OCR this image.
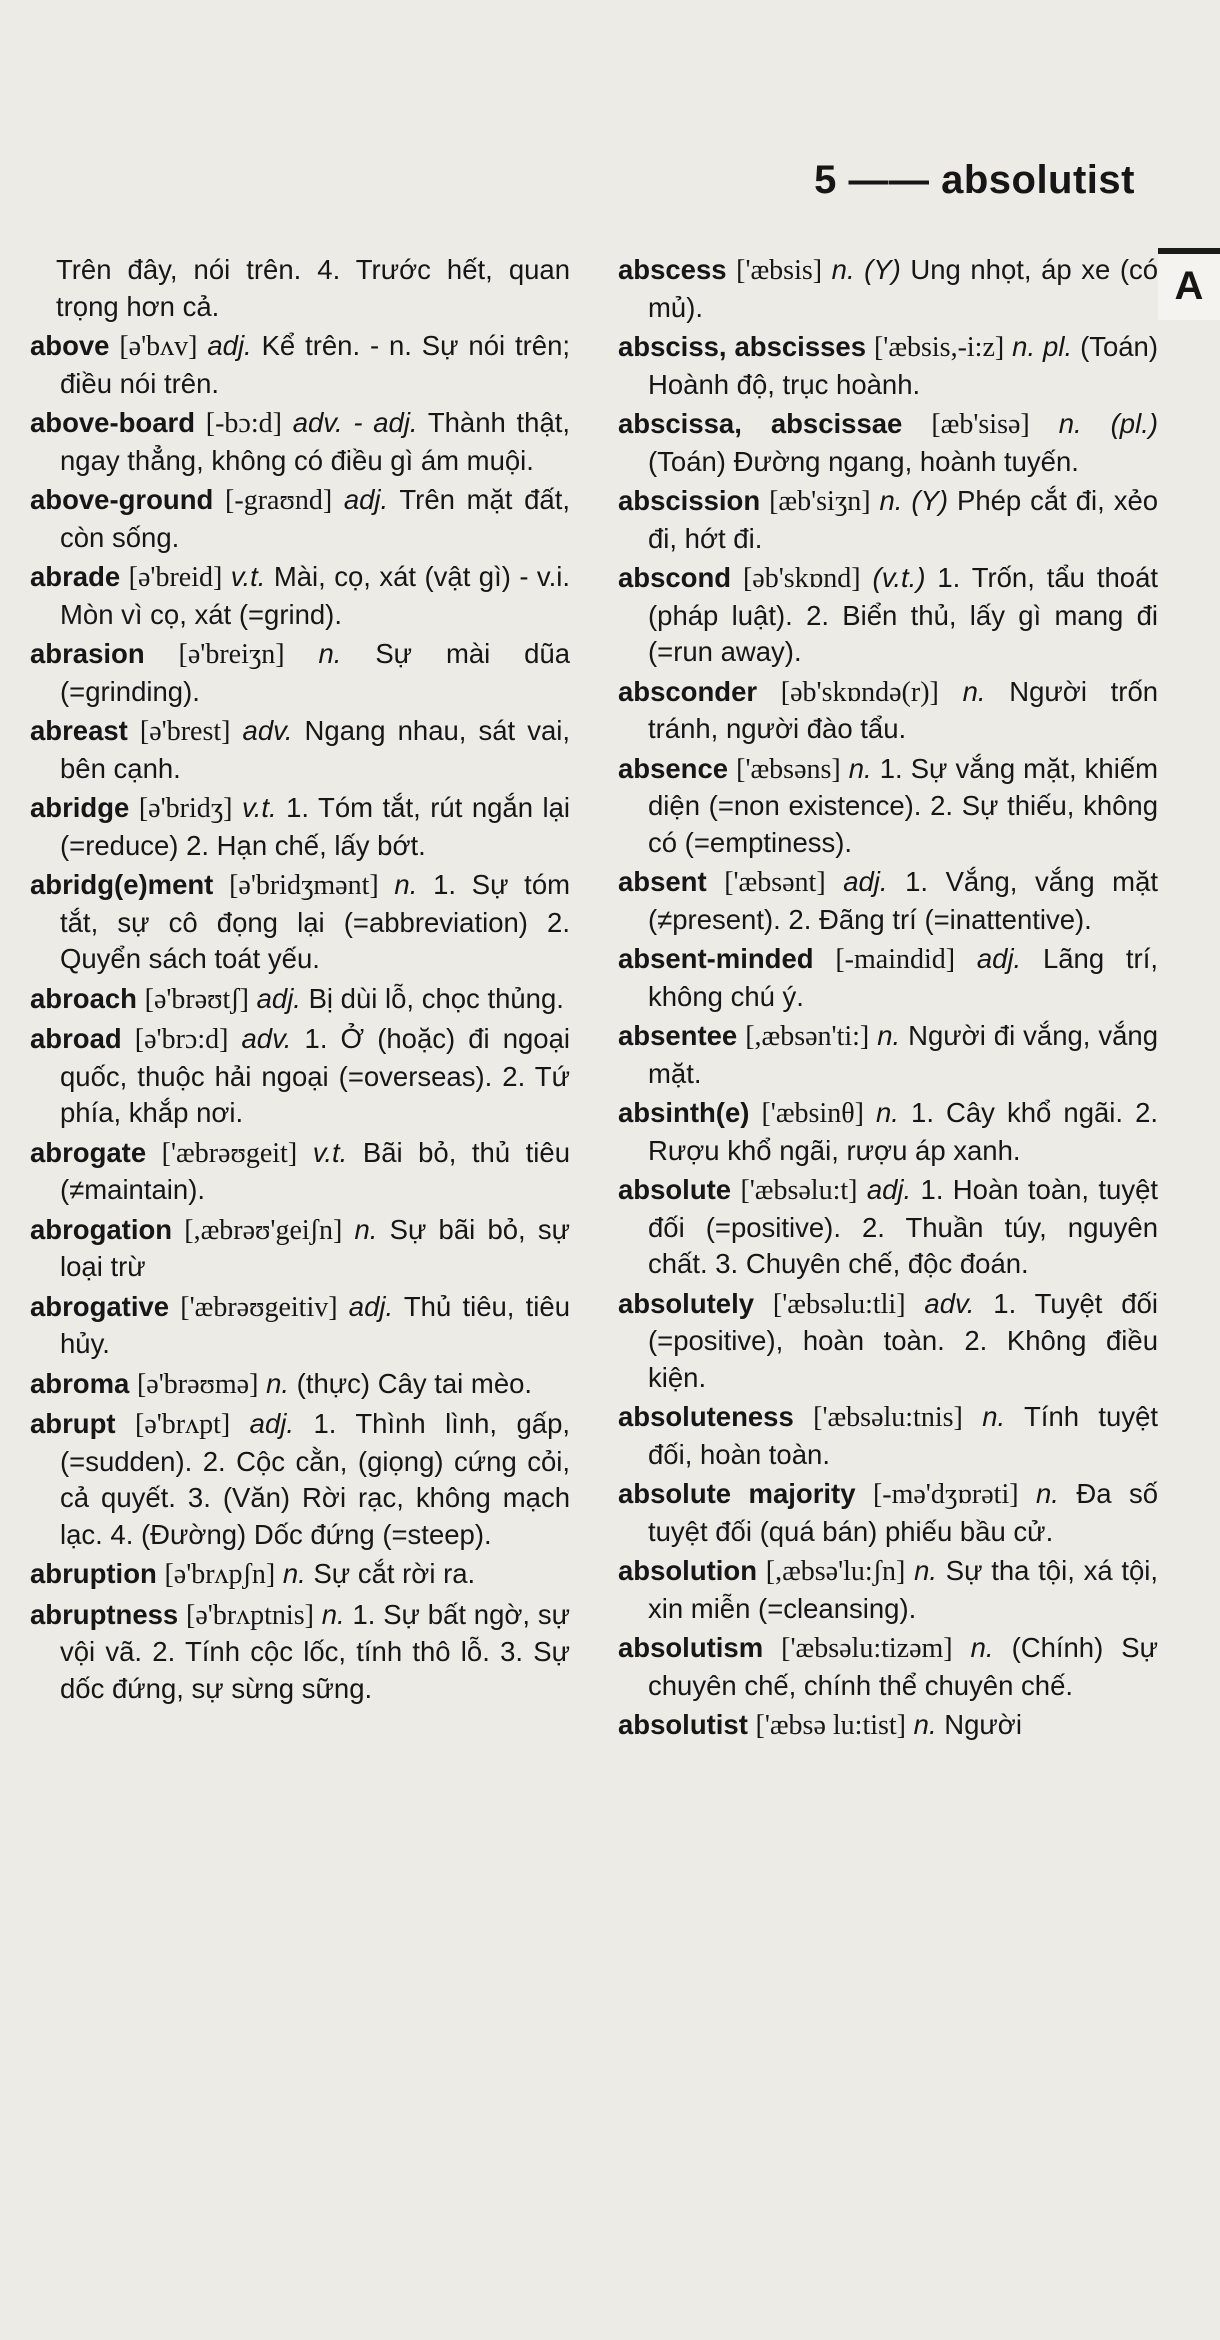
5 —— absolutist
A
Trên đây, nói trên. 4. Trước hết, quan trọng hơn cả.
above [ə'bʌv] adj. Kể trên. - n. Sự nói trên; điều nói trên.
above-board [-bɔ:d] adv. - adj. Thành thật, ngay thẳng, không có điều gì ám muội.
above-ground [-graʊnd] adj. Trên mặt đất, còn sống.
abrade [ə'breid] v.t. Mài, cọ, xát (vật gì) - v.i. Mòn vì cọ, xát (=grind).
abrasion [ə'breiʒn] n. Sự mài dũa (=grinding).
abreast [ə'brest] adv. Ngang nhau, sát vai, bên cạnh.
abridge [ə'bridʒ] v.t. 1. Tóm tắt, rút ngắn lại (=reduce) 2. Hạn chế, lấy bớt.
abridg(e)ment [ə'bridʒmənt] n. 1. Sự tóm tắt, sự cô đọng lại (=abbreviation) 2. Quyển sách toát yếu.
abroach [ə'brəʊtʃ] adj. Bị dùi lỗ, chọc thủng.
abroad [ə'brɔ:d] adv. 1. Ở (hoặc) đi ngoại quốc, thuộc hải ngoại (=overseas). 2. Tứ phía, khắp nơi.
abrogate ['æbrəʊgeit] v.t. Bãi bỏ, thủ tiêu (≠maintain).
abrogation [,æbrəʊ'geiʃn] n. Sự bãi bỏ, sự loại trừ
abrogative ['æbrəʊgeitiv] adj. Thủ tiêu, tiêu hủy.
abroma [ə'brəʊmə] n. (thực) Cây tai mèo.
abrupt [ə'brʌpt] adj. 1. Thình lình, gấp, (=sudden). 2. Cộc cằn, (giọng) cứng cỏi, cả quyết. 3. (Văn) Rời rạc, không mạch lạc. 4. (Đường) Dốc đứng (=steep).
abruption [ə'brʌpʃn] n. Sự cắt rời ra.
abruptness [ə'brʌptnis] n. 1. Sự bất ngờ, sự vội vã. 2. Tính cộc lốc, tính thô lỗ. 3. Sự dốc đứng, sự sừng sững.
abscess ['æbsis] n. (Y) Ung nhọt, áp xe (có mủ).
absciss, abscisses ['æbsis,-i:z] n. pl. (Toán) Hoành độ, trục hoành.
abscissa, abscissae [æb'sisə] n. (pl.) (Toán) Đường ngang, hoành tuyến.
abscission [æb'siʒn] n. (Y) Phép cắt đi, xẻo đi, hớt đi.
abscond [əb'skɒnd] (v.t.) 1. Trốn, tẩu thoát (pháp luật). 2. Biển thủ, lấy gì mang đi (=run away).
absconder [əb'skɒndə(r)] n. Người trốn tránh, người đào tẩu.
absence ['æbsəns] n. 1. Sự vắng mặt, khiếm diện (=non existence). 2. Sự thiếu, không có (=emptiness).
absent ['æbsənt] adj. 1. Vắng, vắng mặt (≠present). 2. Đãng trí (=inattentive).
absent-minded [-maindid] adj. Lãng trí, không chú ý.
absentee [,æbsən'ti:] n. Người đi vắng, vắng mặt.
absinth(e) ['æbsinθ] n. 1. Cây khổ ngãi. 2. Rượu khổ ngãi, rượu áp xanh.
absolute ['æbsəlu:t] adj. 1. Hoàn toàn, tuyệt đối (=positive). 2. Thuần túy, nguyên chất. 3. Chuyên chế, độc đoán.
absolutely ['æbsəlu:tli] adv. 1. Tuyệt đối (=positive), hoàn toàn. 2. Không điều kiện.
absoluteness ['æbsəlu:tnis] n. Tính tuyệt đối, hoàn toàn.
absolute majority [-mə'dʒɒrəti] n. Đa số tuyệt đối (quá bán) phiếu bầu cử.
absolution [,æbsə'lu:ʃn] n. Sự tha tội, xá tội, xin miễn (=cleansing).
absolutism ['æbsəlu:tizəm] n. (Chính) Sự chuyên chế, chính thể chuyên chế.
absolutist ['æbsə lu:tist] n. Người
